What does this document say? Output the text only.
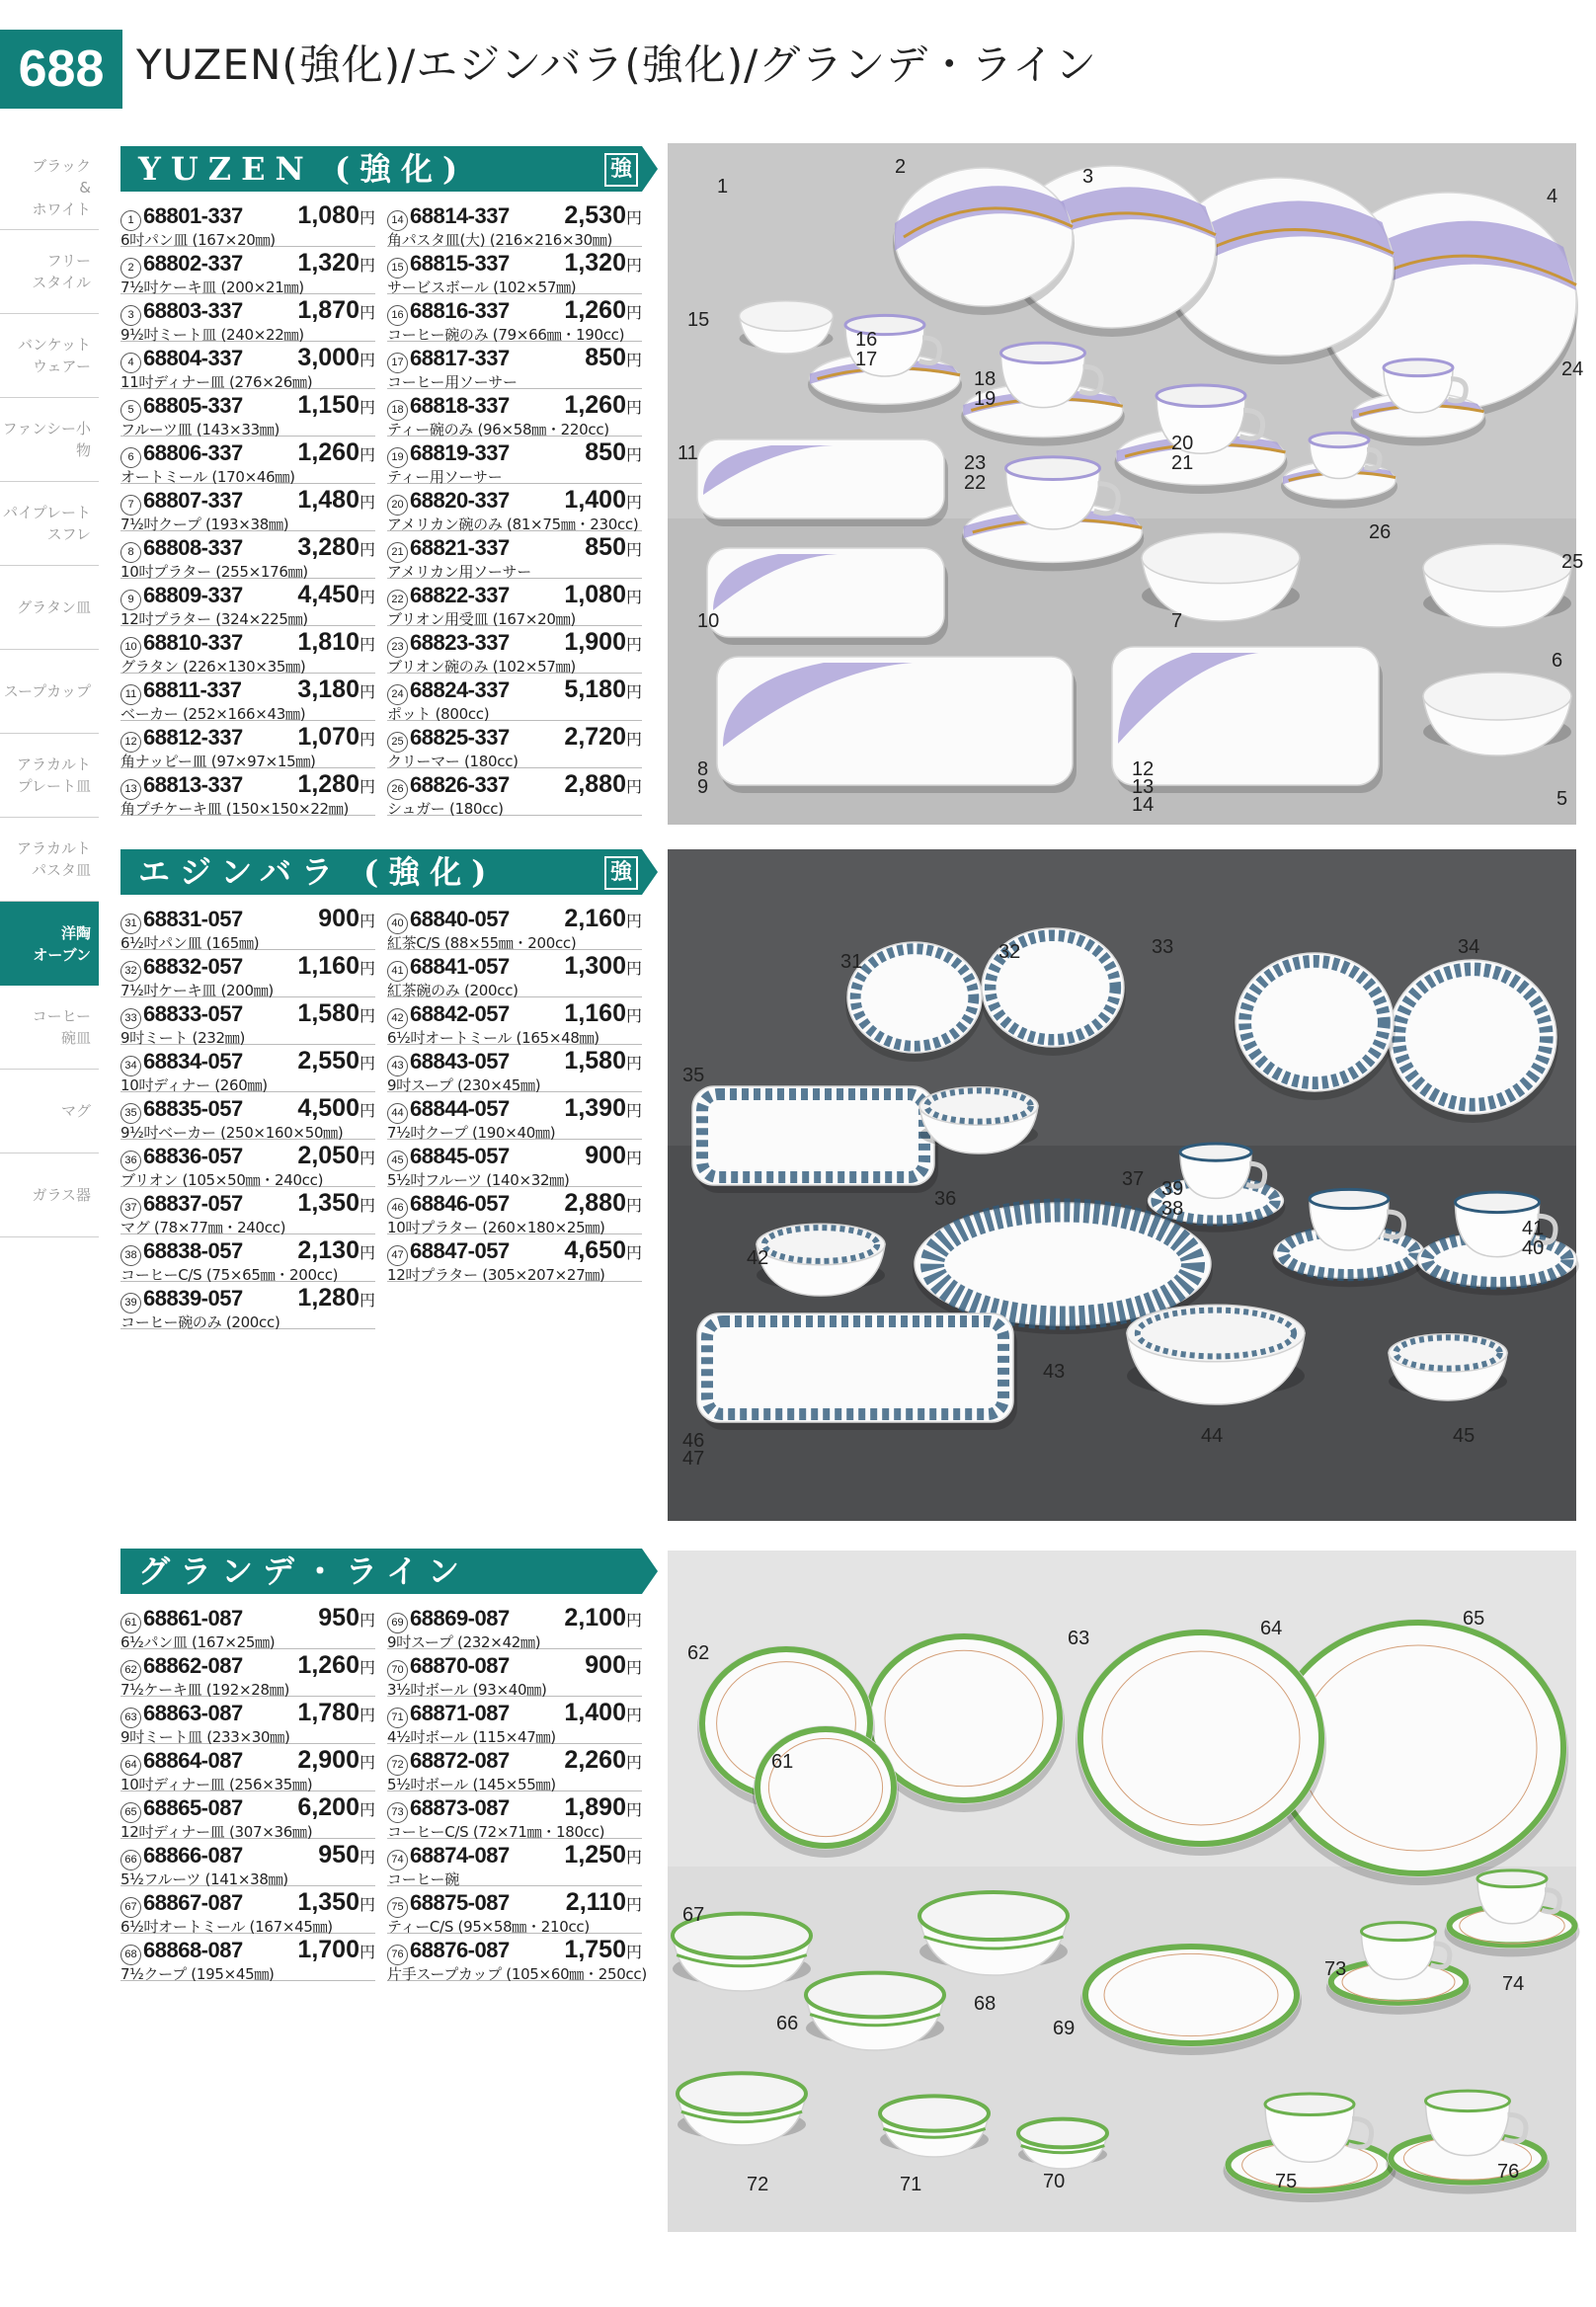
688 YUZEN(強化)/エジンバラ(強化)/グランデ・ライン
ブラック
&
ホワイト
フリー
スタイル
バンケット
ウェアー
ファンシー小物
パイプレート
スフレ
グラタン皿
スープカップ
アラカルト
プレート皿
アラカルト
パスタ皿
洋陶
オーブン
コーヒー
碗皿
マグ
ガラス器
YUZEN (強化)	強
1 68801-337 1,080円
6吋パン皿 (167×20㎜)
2 68802-337 1,320円
7½吋ケーキ皿 (200×21㎜)
3 68803-337 1,870円
9½吋ミート皿 (240×22㎜)
4 68804-337 3,000円
11吋ディナー皿 (276×26㎜)
5 68805-337 1,150円
フルーツ皿 (143×33㎜)
6 68806-337 1,260円
オートミール (170×46㎜)
7 68807-337 1,480円
7½吋クープ (193×38㎜)
8 68808-337 3,280円
10吋プラター (255×176㎜)
9 68809-337 4,450円
12吋プラター (324×225㎜)
10 68810-337 1,810円
グラタン (226×130×35㎜)
11 68811-337 3,180円
ベーカー (252×166×43㎜)
12 68812-337 1,070円
角ナッピー皿 (97×97×15㎜)
13 68813-337 1,280円
角プチケーキ皿 (150×150×22㎜)
14 68814-337 2,530円
角パスタ皿(大) (216×216×30㎜)
15 68815-337 1,320円
サービスボール (102×57㎜)
16 68816-337 1,260円
コーヒー碗のみ (79×66㎜・190cc)
17 68817-337	850円
コーヒー用ソーサー
18 68818-337 1,260円
ティー碗のみ (96×58㎜・220cc)
19 68819-337	850円
ティー用ソーサー
20 68820-337 1,400円
アメリカン碗のみ (81×75㎜・230cc)
21 68821-337	850円
アメリカン用ソーサー
22 68822-337 1,080円
ブリオン用受皿 (167×20㎜)
23 68823-337 1,900円
ブリオン碗のみ (102×57㎜)
24 68824-337 5,180円
ポット (800cc)
25 68825-337 2,720円
クリーマー (180cc)
26 68826-337 2,880円
シュガー (180cc)
エジンバラ (強化)	強
31 68831-057	900円
6½吋パン皿 (165㎜)
32 68832-057 1,160円
7½吋ケーキ皿 (200㎜)
33 68833-057 1,580円
9吋ミート (232㎜)
34 68834-057 2,550円
10吋ディナー (260㎜)
35 68835-057 4,500円
9½吋ベーカー (250×160×50㎜)
36 68836-057 2,050円
ブリオン (105×50㎜・240cc)
37 68837-057 1,350円
マグ (78×77㎜・240cc)
38 68838-057 2,130円
コーヒーC/S (75×65㎜・200cc)
39 68839-057 1,280円
コーヒー碗のみ (200cc)
40 68840-057 2,160円
紅茶C/S (88×55㎜・200cc)
41 68841-057 1,300円
紅茶碗のみ (200cc)
42 68842-057 1,160円
6½吋オートミール (165×48㎜)
43 68843-057 1,580円
9吋スープ (230×45㎜)
44 68844-057 1,390円
7½吋クープ (190×40㎜)
45 68845-057	900円
5½吋フルーツ (140×32㎜)
46 68846-057 2,880円
10吋プラター (260×180×25㎜)
47 68847-057 4,650円
12吋プラター (305×207×27㎜)
グランデ・ライン
61 68861-087	950円
6½パン皿 (167×25㎜)
62 68862-087 1,260円
7½ケーキ皿 (192×28㎜)
63 68863-087 1,780円
9吋ミート皿 (233×30㎜)
64 68864-087 2,900円
10吋ディナー皿 (256×35㎜)
65 68865-087 6,200円
12吋ディナー皿 (307×36㎜)
66 68866-087	950円
5½フルーツ (141×38㎜)
67 68867-087 1,350円
6½吋オートミール (167×45㎜)
68 68868-087 1,700円
7½クープ (195×45㎜)
69 68869-087 2,100円
9吋スープ (232×42㎜)
70 68870-087	900円
3½吋ボール (93×40㎜)
71 68871-087 1,400円
4½吋ボール (115×47㎜)
72 68872-087 2,260円
5½吋ボール (145×55㎜)
73 68873-087 1,890円
コーヒーC/S (72×71㎜・180cc)
74 68874-087 1,250円
コーヒー碗
75 68875-087 2,110円
ティーC/S (95×58㎜・210cc)
76 68876-087 1,750円
片手スープカップ (105×60㎜・250cc)
1
2	3
4
15
16
17
18
19
20
21
24
11	23
22
26
25
10	7
6
8
9
12
13
14	5
31	32	33	34
35
36
37 39
38
41
40
42
43
46
47
44	45
65
64
63
62
61
67
73
74
66
68
69
72	71	70	75	76
